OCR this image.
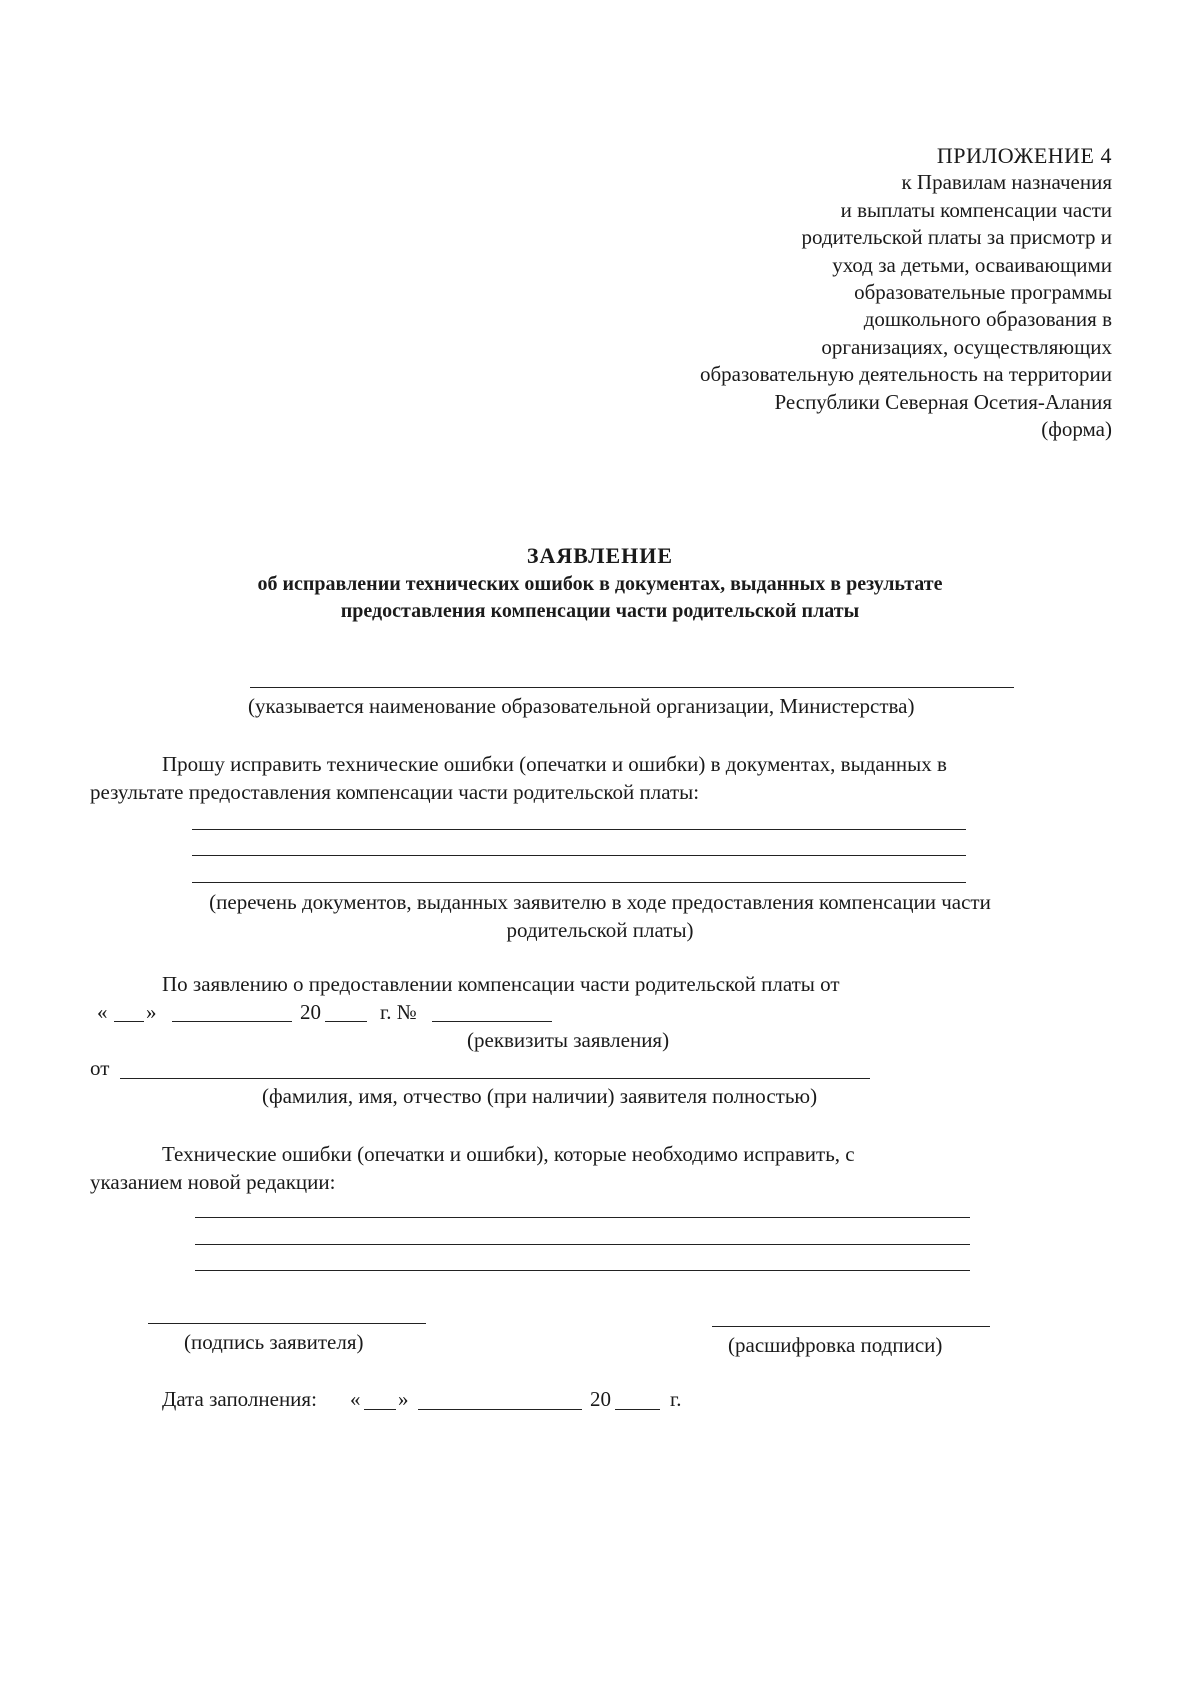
ПРИЛОЖЕНИЕ 4
к Правилам назначения
и выплаты компенсации части
родительской платы за присмотр и
уход за детьми, осваивающими
образовательные программы
дошкольного образования в
организациях, осуществляющих
образовательную деятельность на территории
Республики Северная Осетия-Алания
(форма)
ЗАЯВЛЕНИЕ
об исправлении технических ошибок в документах, выданных в результате
предоставления компенсации части родительской платы
(указывается наименование образовательной организации, Министерства)
Прошу исправить технические ошибки (опечатки и ошибки) в документах, выданных в
результате предоставления компенсации части родительской платы:
(перечень документов, выданных заявителю в ходе предоставления компенсации части
родительской платы)
По заявлению о предоставлении компенсации части родительской платы от
« »	20	г. №
(реквизиты заявления)
от
(фамилия, имя, отчество (при наличии) заявителя полностью)
Технические ошибки (опечатки и ошибки), которые необходимо исправить, с
указанием новой редакции:
(подпись заявителя)	(расшифровка подписи)
Дата заполнения: « »	20	г.
